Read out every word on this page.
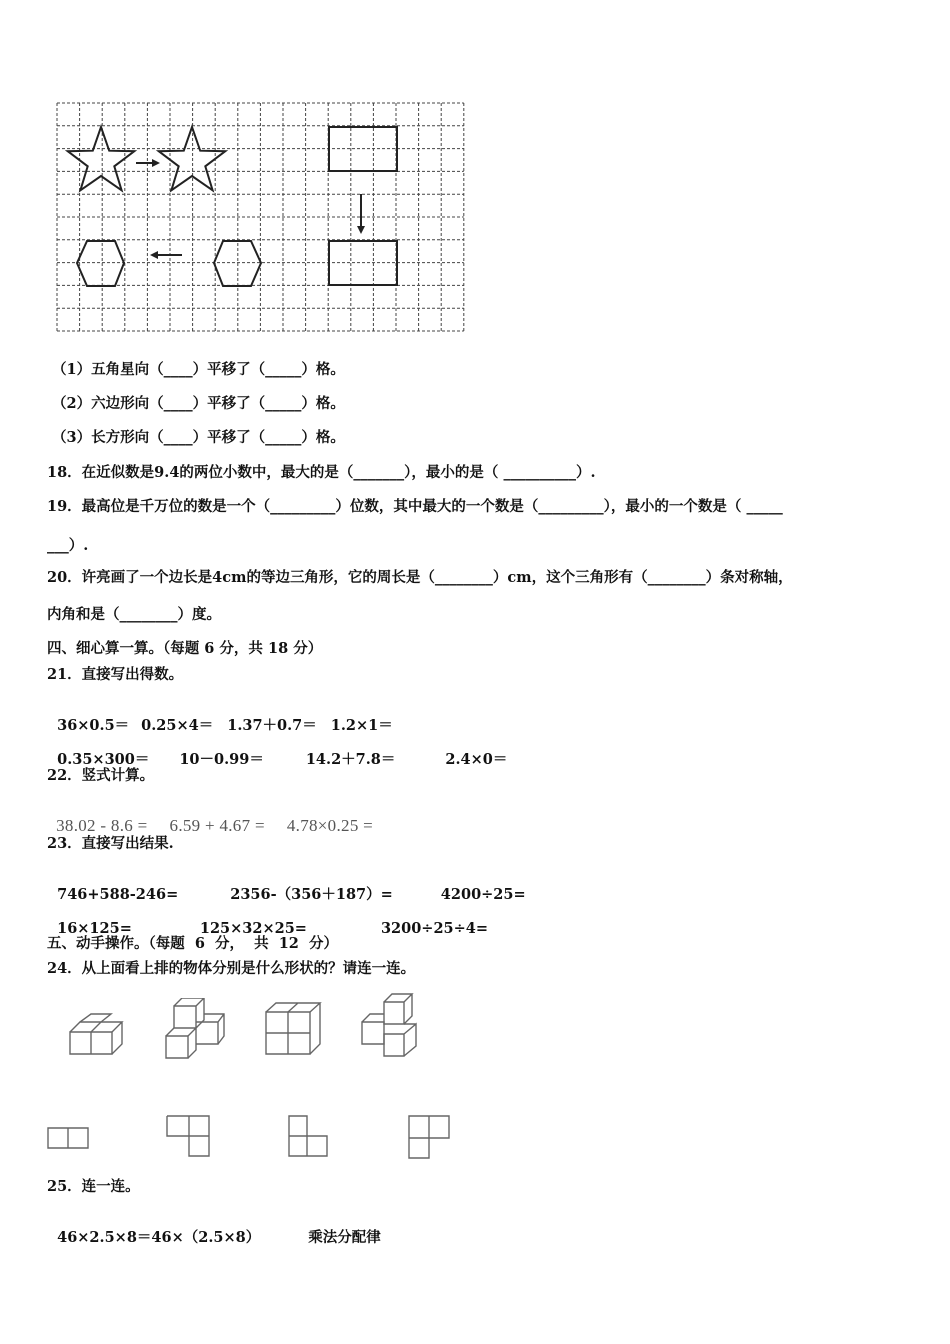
（1）五角星向（____）平移了（_____）格。
（2）六边形向（____）平移了（_____）格。
（3）长方形向（____）平移了（_____）格。
18．在近似数是9.4的两位小数中，最大的是（_______），最小的是（ __________）.
19．最高位是千万位的数是一个（_________）位数，其中最大的一个数是（_________），最小的一个数是（ _____
___）.
20．许亮画了一个边长是4cm的等边三角形，它的周长是（________）cm，这个三角形有（________）条对称轴，
内角和是（________）度。
四、细心算一算。（每题 6 分，共 18 分）
21．直接写出得数。

36×0.5＝ 0.25×4＝ 1.37＋0.7＝ 1.2×1＝

0.35×300＝ 10－0.99＝	14.2＋7.8＝	2.4×0＝

22．竖式计算。

38.02 - 8.6 = 6.59 + 4.67 = 4.78×0.25 =

23．直接写出结果.

746+588-246=	2356-（356＋187）=	4200÷25=

16×125=	125×32×25=	3200÷25÷4=

五、动手操作。（每题  6  分，  共  12  分）
24．从上面看上排的物体分别是什么形状的？请连一连。
25．连一连。

46×2.5×8＝46×（2.5×8）	乘法分配律
